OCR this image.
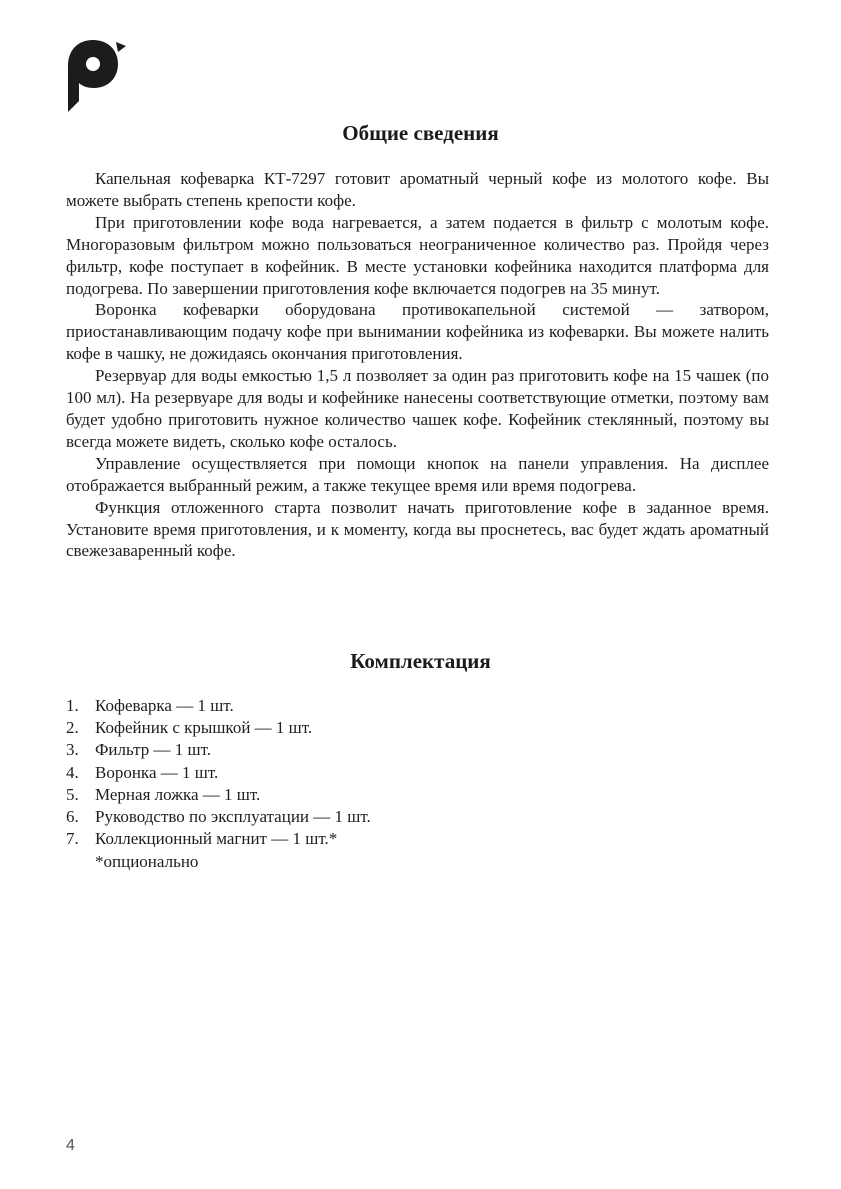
Общие сведения

Капельная кофеварка КТ-7297 готовит ароматный черный кофе из молотого кофе. Вы можете выбрать степень крепости кофе.

При приготовлении кофе вода нагревается, а затем подается в фильтр с молотым кофе. Многоразовым фильтром можно пользоваться неограниченное количество раз. Пройдя через фильтр, кофе поступает в кофейник. В месте установки кофейника находится платформа для подогрева. По завершении приготовления кофе включается подогрев на 35 минут.

Воронка кофеварки оборудована противокапельной системой — затвором, приостанавливающим подачу кофе при вынимании кофейника из кофеварки. Вы можете налить кофе в чашку, не дожидаясь окончания приготовления.

Резервуар для воды емкостью 1,5 л позволяет за один раз приготовить кофе на 15 чашек (по 100 мл). На резервуаре для воды и кофейнике нанесены соответствующие отметки, поэтому вам будет удобно приготовить нужное количество чашек кофе. Кофейник стеклянный, поэтому вы всегда можете видеть, сколько кофе осталось.

Управление осуществляется при помощи кнопок на панели управления. На дисплее отображается выбранный режим, а также текущее время или время подогрева.

Функция отложенного старта позволит начать приготовление кофе в заданное время. Установите время приготовления, и к моменту, когда вы проснетесь, вас будет ждать ароматный свежезаваренный кофе.

Комплектация
1. Кофеварка — 1 шт.
2. Кофейник с крышкой — 1 шт.
3. Фильтр — 1 шт.
4. Воронка — 1 шт.
5. Мерная ложка — 1 шт.
6. Руководство по эксплуатации — 1 шт.
7. Коллекционный магнит — 1 шт.*
*опционально
4
